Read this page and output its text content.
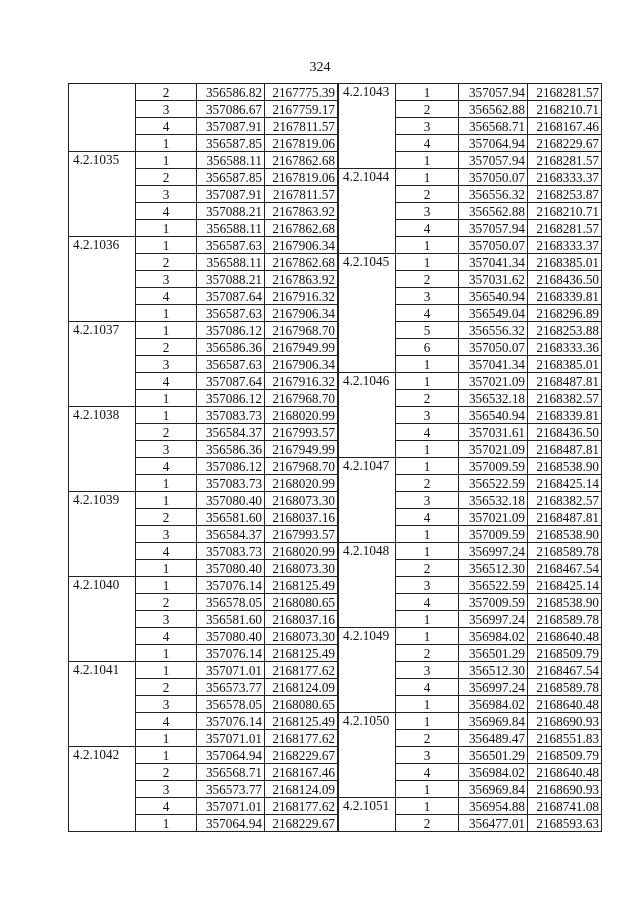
324
	2	356586.82	2167775.39
	3	357086.67	2167759.17
	4	357087.91	2167811.57
	1	356587.85	2167819.06
4.2.1035	1	356588.11	2167862.68
	2	356587.85	2167819.06
	3	357087.91	2167811.57
	4	357088.21	2167863.92
	1	356588.11	2167862.68
4.2.1036	1	356587.63	2167906.34
	2	356588.11	2167862.68
	3	357088.21	2167863.92
	4	357087.64	2167916.32
	1	356587.63	2167906.34
4.2.1037	1	357086.12	2167968.70
	2	356586.36	2167949.99
	3	356587.63	2167906.34
	4	357087.64	2167916.32
	1	357086.12	2167968.70
4.2.1038	1	357083.73	2168020.99
	2	356584.37	2167993.57
	3	356586.36	2167949.99
	4	357086.12	2167968.70
	1	357083.73	2168020.99
4.2.1039	1	357080.40	2168073.30
	2	356581.60	2168037.16
	3	356584.37	2167993.57
	4	357083.73	2168020.99
	1	357080.40	2168073.30
4.2.1040	1	357076.14	2168125.49
	2	356578.05	2168080.65
	3	356581.60	2168037.16
	4	357080.40	2168073.30
	1	357076.14	2168125.49
4.2.1041	1	357071.01	2168177.62
	2	356573.77	2168124.09
	3	356578.05	2168080.65
	4	357076.14	2168125.49
	1	357071.01	2168177.62
4.2.1042	1	357064.94	2168229.67
	2	356568.71	2168167.46
	3	356573.77	2168124.09
	4	357071.01	2168177.62
	1	357064.94	2168229.67
4.2.1043	1	357057.94	2168281.57
	2	356562.88	2168210.71
	3	356568.71	2168167.46
	4	357064.94	2168229.67
	1	357057.94	2168281.57
4.2.1044	1	357050.07	2168333.37
	2	356556.32	2168253.87
	3	356562.88	2168210.71
	4	357057.94	2168281.57
	1	357050.07	2168333.37
4.2.1045	1	357041.34	2168385.01
	2	357031.62	2168436.50
	3	356540.94	2168339.81
	4	356549.04	2168296.89
	5	356556.32	2168253.88
	6	357050.07	2168333.36
	1	357041.34	2168385.01
4.2.1046	1	357021.09	2168487.81
	2	356532.18	2168382.57
	3	356540.94	2168339.81
	4	357031.61	2168436.50
	1	357021.09	2168487.81
4.2.1047	1	357009.59	2168538.90
	2	356522.59	2168425.14
	3	356532.18	2168382.57
	4	357021.09	2168487.81
	1	357009.59	2168538.90
4.2.1048	1	356997.24	2168589.78
	2	356512.30	2168467.54
	3	356522.59	2168425.14
	4	357009.59	2168538.90
	1	356997.24	2168589.78
4.2.1049	1	356984.02	2168640.48
	2	356501.29	2168509.79
	3	356512.30	2168467.54
	4	356997.24	2168589.78
	1	356984.02	2168640.48
4.2.1050	1	356969.84	2168690.93
	2	356489.47	2168551.83
	3	356501.29	2168509.79
	4	356984.02	2168640.48
	1	356969.84	2168690.93
4.2.1051	1	356954.88	2168741.08
	2	356477.01	2168593.63
